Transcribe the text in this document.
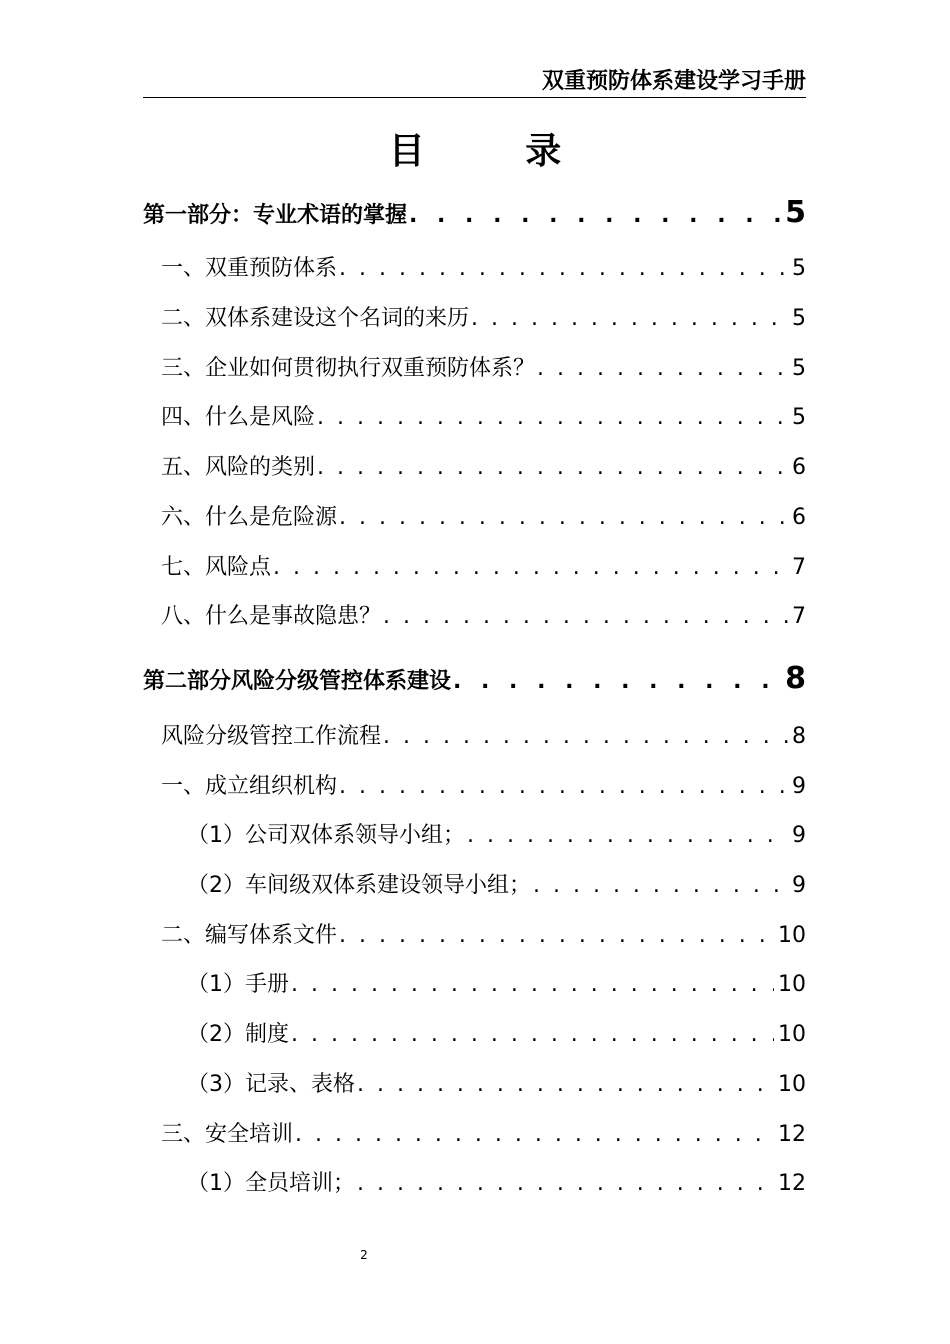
双重预防体系建设学习手册
目 录
第一部分：专业术语的掌握 . . .	5
一、双重预防体系 . . .	5
二、双体系建设这个名词的来历 . . .	5
三、企业如何贯彻执行双重预防体系？ . . .	5
四、什么是风险 . . .	5
五、风险的类别 . . .	6
六、什么是危险源 . . .	6
七、风险点 . . .	7
八、什么是事故隐患？ . . .	7
第二部分风险分级管控体系建设 . . .	8
风险分级管控工作流程 . . .	8
一、成立组织机构 . . .	9
（1）公司双体系领导小组； . . .	9
（2）车间级双体系建设领导小组； . . .	9
二、编写体系文件 . . .	10
（1）手册 . . .	10
（2）制度 . . .	10
（3）记录、表格 . . .	10
三、安全培训 . . .	12
（1）全员培训； . . .	12
2
